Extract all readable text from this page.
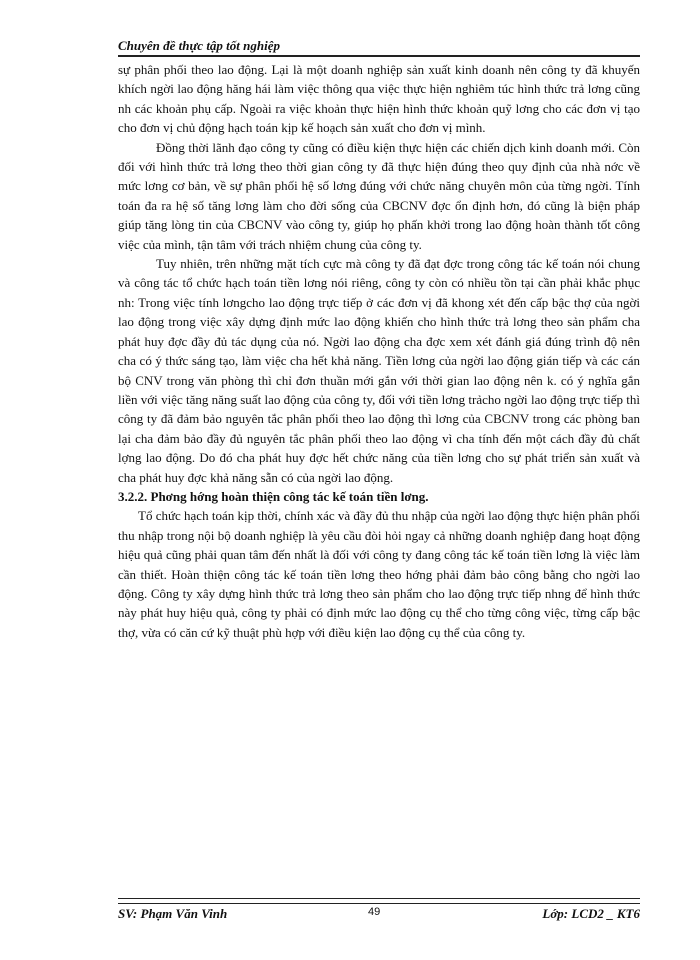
Chuyên đề thực tập tốt nghiệp

sự phân phối theo lao động. Lại là một doanh nghiệp sản xuất kinh doanh nên công ty đã khuyến khích ngời lao động hăng hái làm việc thông qua việc thực hiện nghiêm túc hình thức trả lơng cũng nh các khoản phụ cấp. Ngoài ra việc khoản thực hiện hình thức khoản quỹ lơng cho các đơn vị tạo cho đơn vị chủ động hạch toán kịp kế hoạch sản xuất cho đơn vị mình.

Đồng thời lãnh đạo công ty cũng có điều kiện thực hiện các chiến dịch kinh doanh mới. Còn đối với hình thức trả lơng theo thời gian công ty đã thực hiện đúng theo quy định của nhà nớc về mức lơng cơ bản, về sự phân phối hệ số lơng đúng với chức năng chuyên môn của từng ngời. Tính toán đa ra hệ số tăng lơng làm cho đời sống của CBCNV đợc ổn định hơn, đó cũng là biện pháp giúp tăng lòng tin của CBCNV vào công ty, giúp họ phấn khởi trong lao động hoàn thành tốt công việc của mình, tận tâm với trách nhiệm chung của công ty.

Tuy nhiên, trên những mặt tích cực mà công ty đã đạt đợc trong công tác kế toán nói chung và công tác tổ chức hạch toán tiền lơng nói riêng, công ty còn có nhiều tồn tại cần phải khắc phục nh: Trong việc tính lơngcho lao động trực tiếp ở các đơn vị đã khong xét đến cấp bậc thợ của ngời lao động trong việc xây dựng định mức lao động khiến cho hình thức trả lơng theo sản phẩm cha phát huy đợc đầy đủ tác dụng của nó. Ngời lao động cha đợc xem xét đánh giá đúng trình độ nên cha có ý thức sáng tạo, làm việc cha hết khả năng. Tiền lơng của ngời lao động gián tiếp và các cán bộ CNV trong văn phòng thì chỉ đơn thuần mới gắn với thời gian lao động nên k. có ý nghĩa gắn liền với việc tăng năng suất lao động của công ty, đối với tiền lơng trảcho ngời lao động trực tiếp thì công ty đã đảm bảo nguyên tắc phân phối theo lao động thì lơng của CBCNV trong các phòng ban lại cha đảm bảo đầy đủ nguyên tắc phân phối theo lao động vì cha tính đến một cách đầy đủ chất lợng lao động. Do đó cha phát huy đợc hết chức năng của tiền lơng cho sự phát triển sản xuất và cha phát huy đợc khả năng sẵn có của ngời lao động.

3.2.2. Phơng hớng hoàn thiện công tác kế toán tiền lơng.

Tổ chức hạch toán kịp thời, chính xác và đầy đủ thu nhập của ngời lao động thực hiện phân phối thu nhập trong nội bộ doanh nghiệp là yêu cầu đòi hỏi ngay cả những doanh nghiệp đang hoạt động hiệu quả cũng phải quan tâm đến nhất là đối với công ty đang công tác kế toán tiền lơng là việc làm cần thiết. Hoàn thiện công tác kế toán tiền lơng theo hớng phải đảm bảo công bằng cho ngời lao động. Công ty xây dựng hình thức trả lơng theo sản phẩm cho lao động trực tiếp nhng để hình thức này phát huy hiệu quả, công ty phải có định mức lao động cụ thể cho từng công việc, từng cấp bậc thợ, vừa có căn cứ kỹ thuật phù hợp với điều kiện lao động cụ thể của công ty.

SV: Phạm Văn Vinh	49	Lớp: LCD2 _ KT6
